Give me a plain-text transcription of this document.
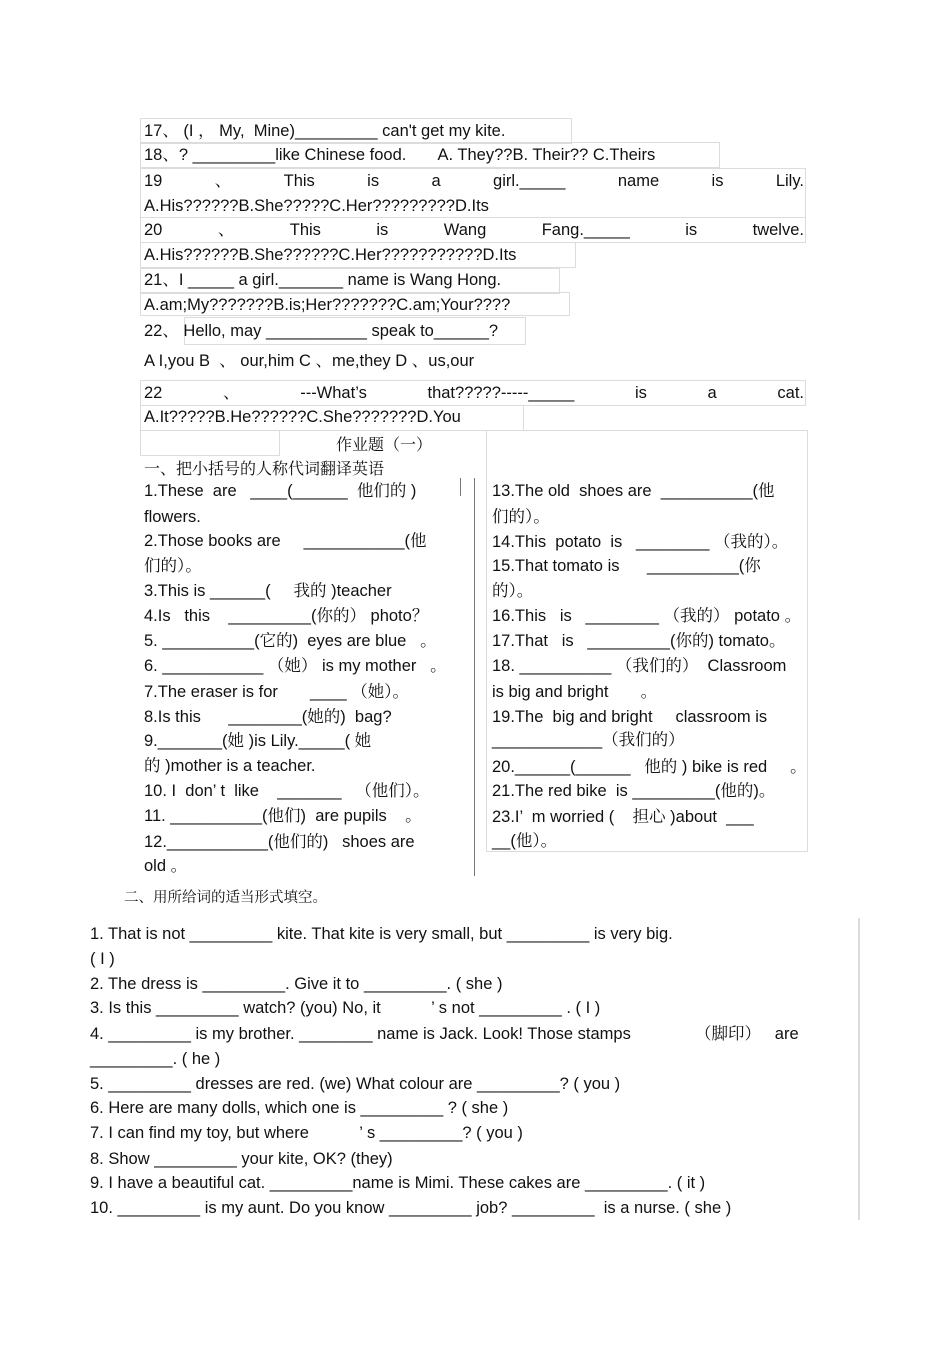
17、 (I ， My,  Mine)_________ can't get my kite.
18、? _________like Chinese food.       A. They??B. Their?? C.Theirs
19	、	This	is	a	girl._____	name	is	Lily.
A.His??????B.She?????C.Her?????????D.Its
20	、	This	is	Wang	Fang._____	is	twelve.
A.His??????B.She??????C.Her???????????D.Its
21、I _____ a girl._______ name is Wang Hong.
A.am;My???????B.is;Her???????C.am;Your????
22、 Hello, may ___________ speak to______?
A I,you B  、 our,him C 、me,they D 、us,our
22	、	---What’s	that?????-----_____	is	a	cat.
A.It?????B.He??????C.She???????D.You
作业题（一）
一、把小括号的人称代词翻译英语
1.These  are   ____(______  他们的 )
flowers.
2.Those books are     ___________(他
们的）。
3.This is ______(     我的 )teacher
4.Is   this    _________(你的） photo？
5. __________(它的)  eyes are blue   。
6. ___________ （她） is my mother   。
7.The eraser is for       ____ （她）。
8.Is this      ________(她的)  bag?
9._______(她 )is Lily._____( 她
的 )mother is a teacher.
10. I  don’ t  like    _______   （他们）。
11. __________(他们)  are pupils    。
12.___________(他们的)   shoes are
old 。
13.The old  shoes are  __________(他
们的）。
14.This  potato  is   ________ （我的）。
15.That tomato is      __________(你
的）。
16.This   is   ________ （我的） potato 。
17.That   is   _________(你的) tomato。
18. __________ （我们的）  Classroom
is big and bright       。
19.The  big and bright     classroom is
____________（我们的）
20.______(______   他的 ) bike is red     。
21.The red bike  is _________(他的)。
23.I’  m worried (    担心 )about  ___
__(他）。
二、用所给词的适当形式填空。
1. That is not _________ kite. That kite is very small, but _________ is very big.
( I )
2. The dress is _________. Give it to _________. ( she )
3. Is this _________ watch? (you) No, it           ’ s not _________ . ( I )
4. _________ is my brother. ________ name is Jack. Look! Those stamps              （脚印）   are
_________. ( he )
5. _________ dresses are red. (we) What colour are _________? ( you )
6. Here are many dolls, which one is _________ ? ( she )
7. I can find my toy, but where           ’ s _________? ( you )
8. Show _________ your kite, OK? (they)
9. I have a beautiful cat. _________name is Mimi. These cakes are _________. ( it )
10. _________ is my aunt. Do you know _________ job? _________  is a nurse. ( she )
